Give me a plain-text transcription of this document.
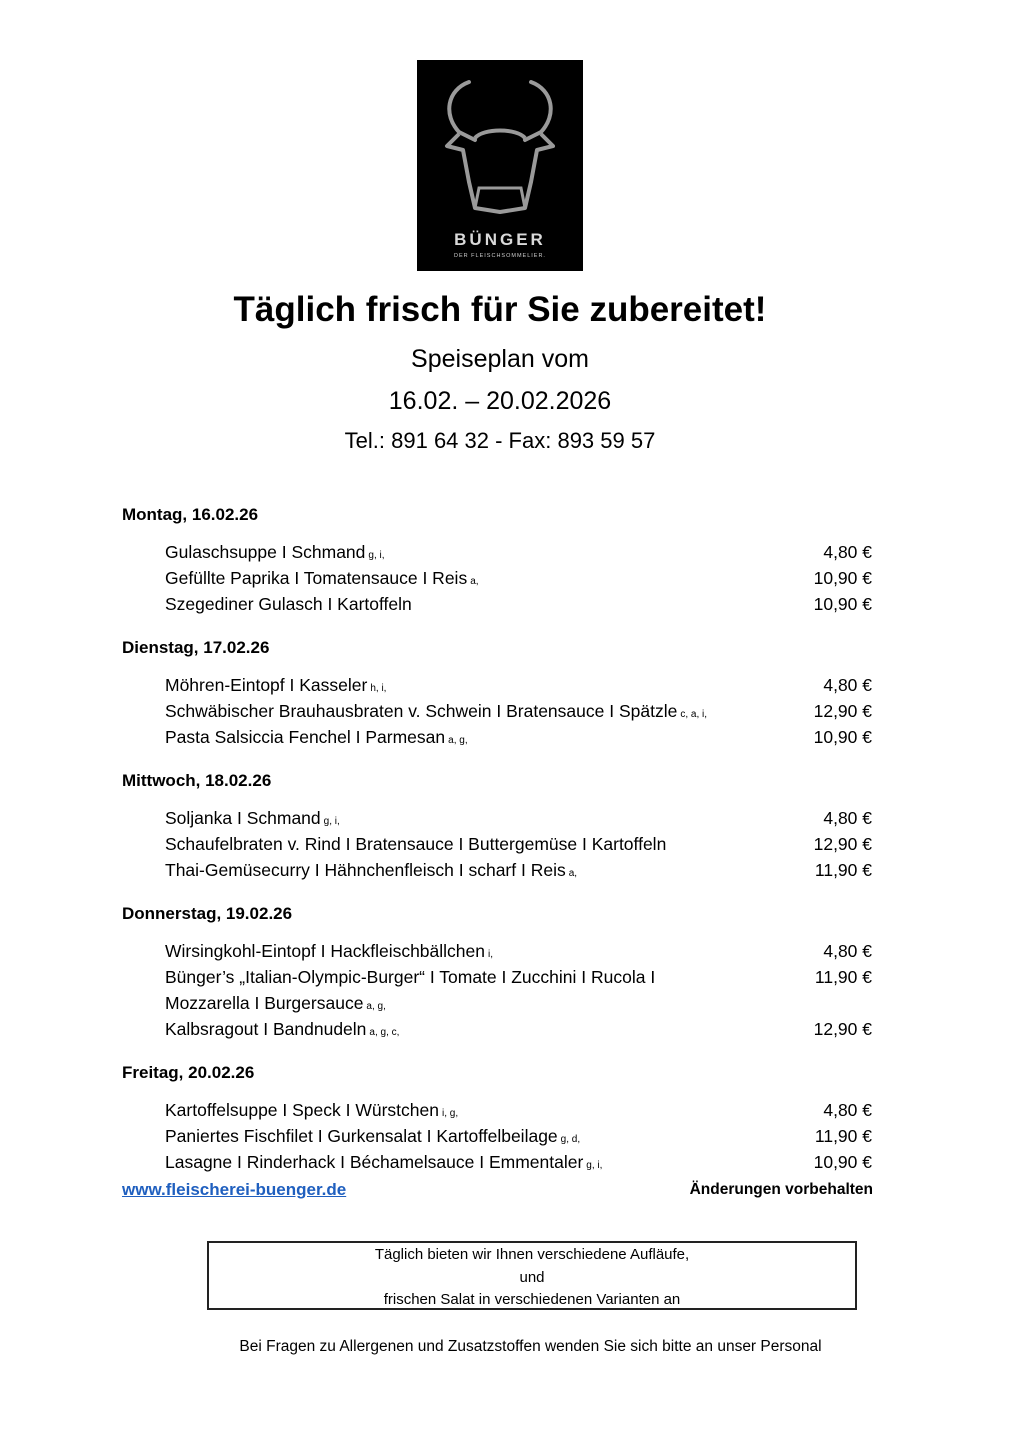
BÜNGER
DER FLEISCHSOMMELIER.
Täglich frisch für Sie zubereitet!
Speiseplan vom
16.02. – 20.02.2026
Tel.: 891 64 32 - Fax: 893 59 57
Montag, 16.02.26
Gulaschsuppe I Schmand g, i,	4,80 €
Gefüllte Paprika I Tomatensauce I Reis a,	10,90 €
Szegediner Gulasch I Kartoffeln	10,90 €
Dienstag, 17.02.26
Möhren-Eintopf I Kasseler h, i,	4,80 €
Schwäbischer Brauhausbraten v. Schwein I Bratensauce I Spätzle c, a, i,	12,90 €
Pasta Salsiccia Fenchel I Parmesan a, g,	10,90 €
Mittwoch, 18.02.26
Soljanka I Schmand g, i,	4,80 €
Schaufelbraten v. Rind I Bratensauce I Buttergemüse I Kartoffeln	12,90 €
Thai-Gemüsecurry I Hähnchenfleisch I scharf I Reis a,	11,90 €
Donnerstag, 19.02.26
Wirsingkohl-Eintopf I Hackfleischbällchen i,	4,80 €
Bünger’s „Italian-Olympic-Burger“ I Tomate I Zucchini I Rucola I	11,90 €
Mozzarella I Burgersauce a, g,
Kalbsragout I Bandnudeln a, g, c,	12,90 €
Freitag, 20.02.26
Kartoffelsuppe I Speck I Würstchen i, g,	4,80 €
Paniertes Fischfilet I Gurkensalat I Kartoffelbeilage g, d,	11,90 €
Lasagne I Rinderhack I Béchamelsauce I Emmentaler g, i,	10,90 €
www.fleischerei-buenger.de	Änderungen vorbehalten
Täglich bieten wir Ihnen verschiedene Aufläufe,
und
frischen Salat in verschiedenen Varianten an
Bei Fragen zu Allergenen und Zusatzstoffen wenden Sie sich bitte an unser Personal
